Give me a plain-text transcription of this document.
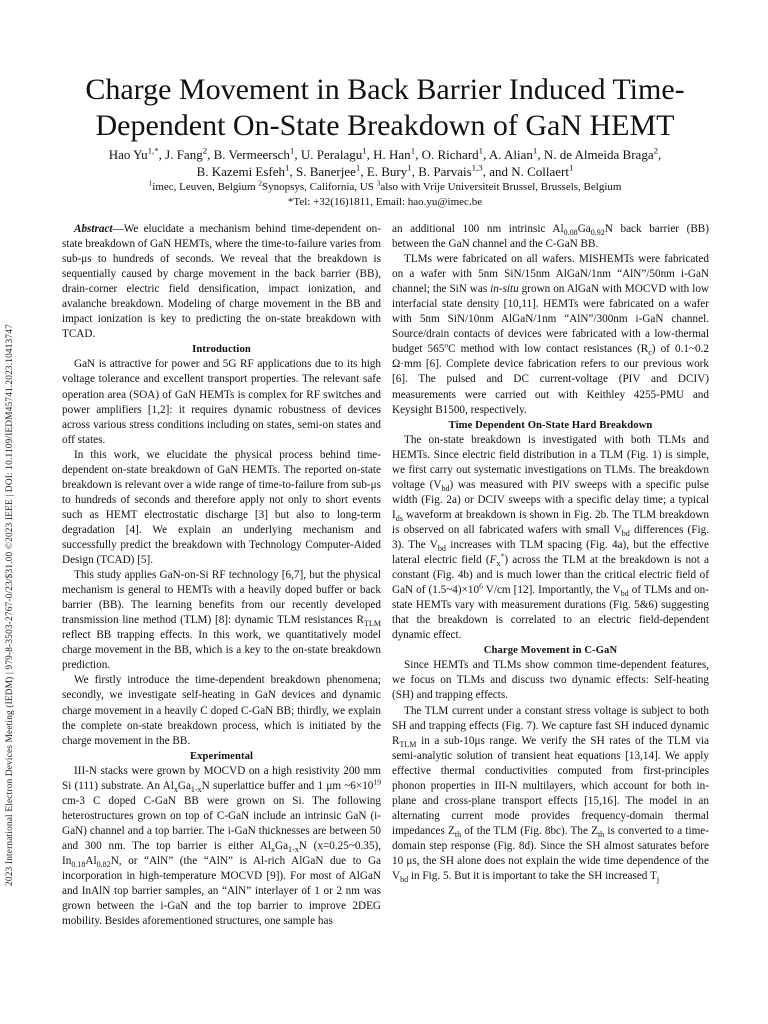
2023 International Electron Devices Meeting (IEDM) | 979-8-3503-2767-0/23/$31.00 ©2023 IEEE | DOI: 10.1109/IEDM45741.2023.10413747
Charge Movement in Back Barrier Induced Time-
Dependent On-State Breakdown of GaN HEMT

Hao $Yu^{1,*}$, J. Fang$^2$, B. Vermeersch$^1$, U. Peralagu$^1$, H. Han$^1$, O. Richard$^1$, A. Alian$^1$, N. de Almeida Braga$^2$,
B. Kazemi Esfeh$^1$, S. Banerjee$^1$, E. Bury$^1$, B. Parvais$^{1,3}$, and N. Collaert$^1$

$^1$imec, Leuven, Belgium $^2$Synopsys, California, US $^3$also with Vrije Universiteit Brussel, Brussels, Belgium

*Tel: +32(16)1811, Email: hao.yu@imec.be

Abstract—We elucidate a mechanism behind time-dependent on-state breakdown of GaN HEMTs, where the time-to-failure varies from sub-μs to hundreds of seconds. We reveal that the breakdown is sequentially caused by charge movement in the back barrier (BB), drain-corner electric field densification, impact ionization, and avalanche breakdown. Modeling of charge movement in the BB and impact ionization is key to predicting the on-state breakdown with TCAD.

Introduction

GaN is attractive for power and 5G RF applications due to its high voltage tolerance and excellent transport properties. The relevant safe operation area (SOA) of GaN HEMTs is complex for RF switches and power amplifiers [1,2]: it requires dynamic robustness of devices across various stress conditions including on states, semi-on states and off states.

In this work, we elucidate the physical process behind time-dependent on-state breakdown of GaN HEMTs. The reported on-state breakdown is relevant over a wide range of time-to-failure from sub-μs to hundreds of seconds and therefore apply not only to short events such as HEMT electrostatic discharge [3] but also to long-term degradation [4]. We explain an underlying mechanism and successfully predict the breakdown with Technology Computer-Aided Design (TCAD) [5].

This study applies GaN-on-Si RF technology [6,7], but the physical mechanism is general to HEMTs with a heavily doped buffer or back barrier (BB). The learning benefits from our recently developed transmission line method (TLM) [8]: dynamic TLM resistances $R_{TLM}$ reflect BB trapping effects. In this work, we quantitatively model charge movement in the BB, which is a key to the on-state breakdown prediction.

We firstly introduce the time-dependent breakdown phenomena; secondly, we investigate self-heating in GaN devices and dynamic charge movement in a heavily C doped C-GaN BB; thirdly, we explain the complete on-state breakdown process, which is initiated by the charge movement in the BB.

Experimental

III-N stacks were grown by MOCVD on a high resistivity 200 mm Si (111) substrate. An $Al_xGa_{1-x}N$ superlattice buffer and 1 μm $\sim 6\times 10^{19}$ cm-3 C doped C-GaN BB were grown on Si. The following heterostructures grown on top of C-GaN include an intrinsic GaN (i-GaN) channel and a top barrier. The i-GaN thicknesses are between 50 and 300 nm. The top barrier is either $Al_xGa_{1-x}N$ (x=0.25~0.35), $In_{0.18}Al_{0.82}N$, or “AlN” (the “AlN” is Al-rich AlGaN due to Ga incorporation in high-temperature MOCVD [9]). For most of AlGaN and InAlN top barrier samples, an “AlN” interlayer of 1 or 2 nm was grown between the i-GaN and the top barrier to improve 2DEG mobility. Besides aforementioned structures, one sample has

an additional 100 nm intrinsic $Al_{0.08}Ga_{0.92}N$ back barrier (BB) between the GaN channel and the C-GaN BB.

TLMs were fabricated on all wafers. MISHEMTs were fabricated on a wafer with 5nm SiN/15nm AlGaN/1nm “AlN”/50nm i-GaN channel; the SiN was in-situ grown on AlGaN with MOCVD with low interfacial state density [10,11]. HEMTs were fabricated on a wafer with 5nm SiN/10nm AlGaN/1nm “AlN”/300nm i-GaN channel. Source/drain contacts of devices were fabricated with a low-thermal budget 565$^o$C method with low contact resistances $(R_c)$ of 0.1~0.2 Ω·mm [6]. Complete device fabrication refers to our previous work [6]. The pulsed and DC current-voltage (PIV and DCIV) measurements were carried out with Keithley 4255-PMU and Keysight B1500, respectively.

Time Dependent On-State Hard Breakdown

The on-state breakdown is investigated with both TLMs and HEMTs. Since electric field distribution in a TLM (Fig. 1) is simple, we first carry out systematic investigations on TLMs. The breakdown voltage $(V_{bd})$ was measured with PIV sweeps with a specific pulse width (Fig. 2a) or DCIV sweeps with a specific delay time; a typical $I_{ds}$ waveform at breakdown is shown in Fig. 2b. The TLM breakdown is observed on all fabricated wafers with small $V_{bd}$ differences (Fig. 3). The $V_{bd}$ increases with TLM spacing (Fig. 4a), but the effective lateral electric field $(F_x^*)$ across the TLM at the breakdown is not a constant (Fig. 4b) and is much lower than the critical electric field of GaN of $(1.5\sim 4)\times 10^6$ V/cm [12]. Importantly, the $V_{bd}$ of TLMs and on-state HEMTs vary with measurement durations (Fig. 5&6) suggesting that the breakdown is correlated to an electric field-dependent dynamic effect.

Charge Movement in C-GaN

Since HEMTs and TLMs show common time-dependent features, we focus on TLMs and discuss two dynamic effects: Self-heating (SH) and trapping effects.

The TLM current under a constant stress voltage is subject to both SH and trapping effects (Fig. 7). We capture fast SH induced dynamic $R_{TLM}$ in a sub-10μs range. We verify the SH rates of the TLM via semi-analytic solution of transient heat equations [13,14]. We apply effective thermal conductivities computed from first-principles phonon properties in III-N multilayers, which account for both in-plane and cross-plane transport effects [15,16]. The model in an alternating current mode provides frequency-domain thermal impedances $Z_{th}$ of the TLM (Fig. 8bc). The $Z_{th}$ is converted to a time-domain step response (Fig. 8d). Since the SH almost saturates before 10 μs, the SH alone does not explain the wide time dependence of the $V_{bd}$ in Fig. 5. But it is important to take the SH increased $T_j$
